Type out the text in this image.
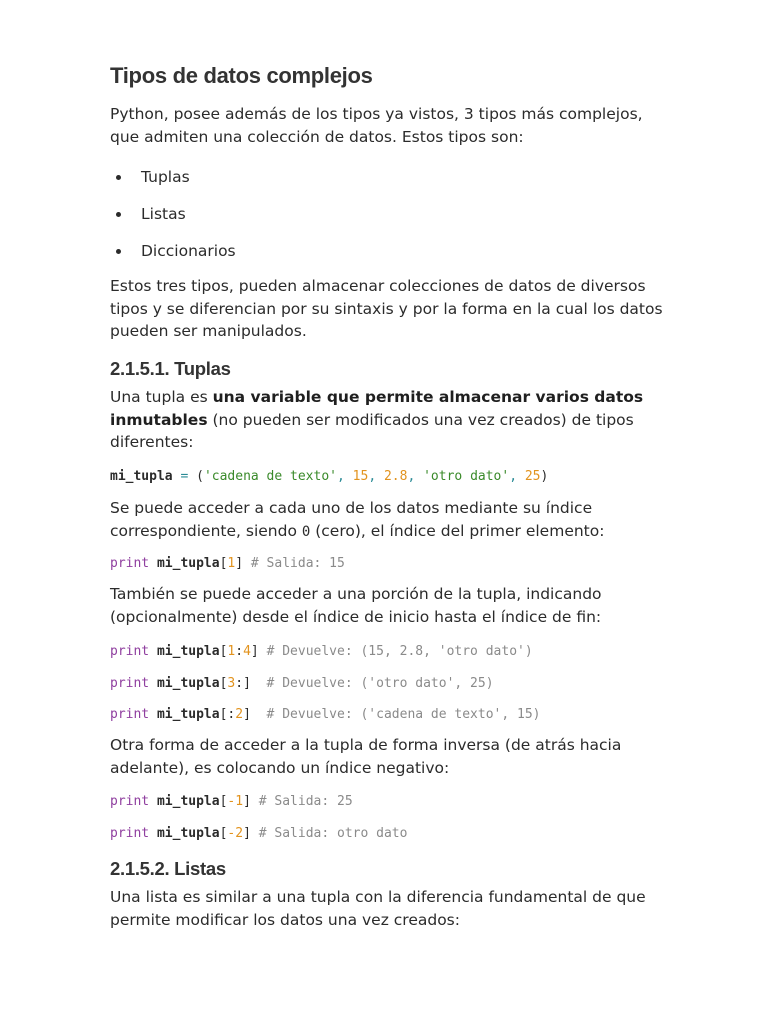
Tipos de datos complejos

Python, posee además de los tipos ya vistos, 3 tipos más complejos, que admiten una colección de datos. Estos tipos son:

Tuplas
Listas
Diccionarios

Estos tres tipos, pueden almacenar colecciones de datos de diversos tipos y se diferencian por su sintaxis y por la forma en la cual los datos pueden ser manipulados.

2.1.5.1. Tuplas

Una tupla es una variable que permite almacenar varios datos inmutables (no pueden ser modificados una vez creados) de tipos diferentes:

mi_tupla = ('cadena de texto', 15, 2.8, 'otro dato', 25)

Se puede acceder a cada uno de los datos mediante su índice correspondiente, siendo 0 (cero), el índice del primer elemento:

print mi_tupla[1] # Salida: 15

También se puede acceder a una porción de la tupla, indicando (opcionalmente) desde el índice de inicio hasta el índice de fin:

print mi_tupla[1:4] # Devuelve: (15, 2.8, 'otro dato')
print mi_tupla[3:]  # Devuelve: ('otro dato', 25)
print mi_tupla[:2]  # Devuelve: ('cadena de texto', 15)

Otra forma de acceder a la tupla de forma inversa (de atrás hacia adelante), es colocando un índice negativo:

print mi_tupla[-1] # Salida: 25
print mi_tupla[-2] # Salida: otro dato
2.1.5.2. Listas

Una lista es similar a una tupla con la diferencia fundamental de que permite modificar los datos una vez creados:
